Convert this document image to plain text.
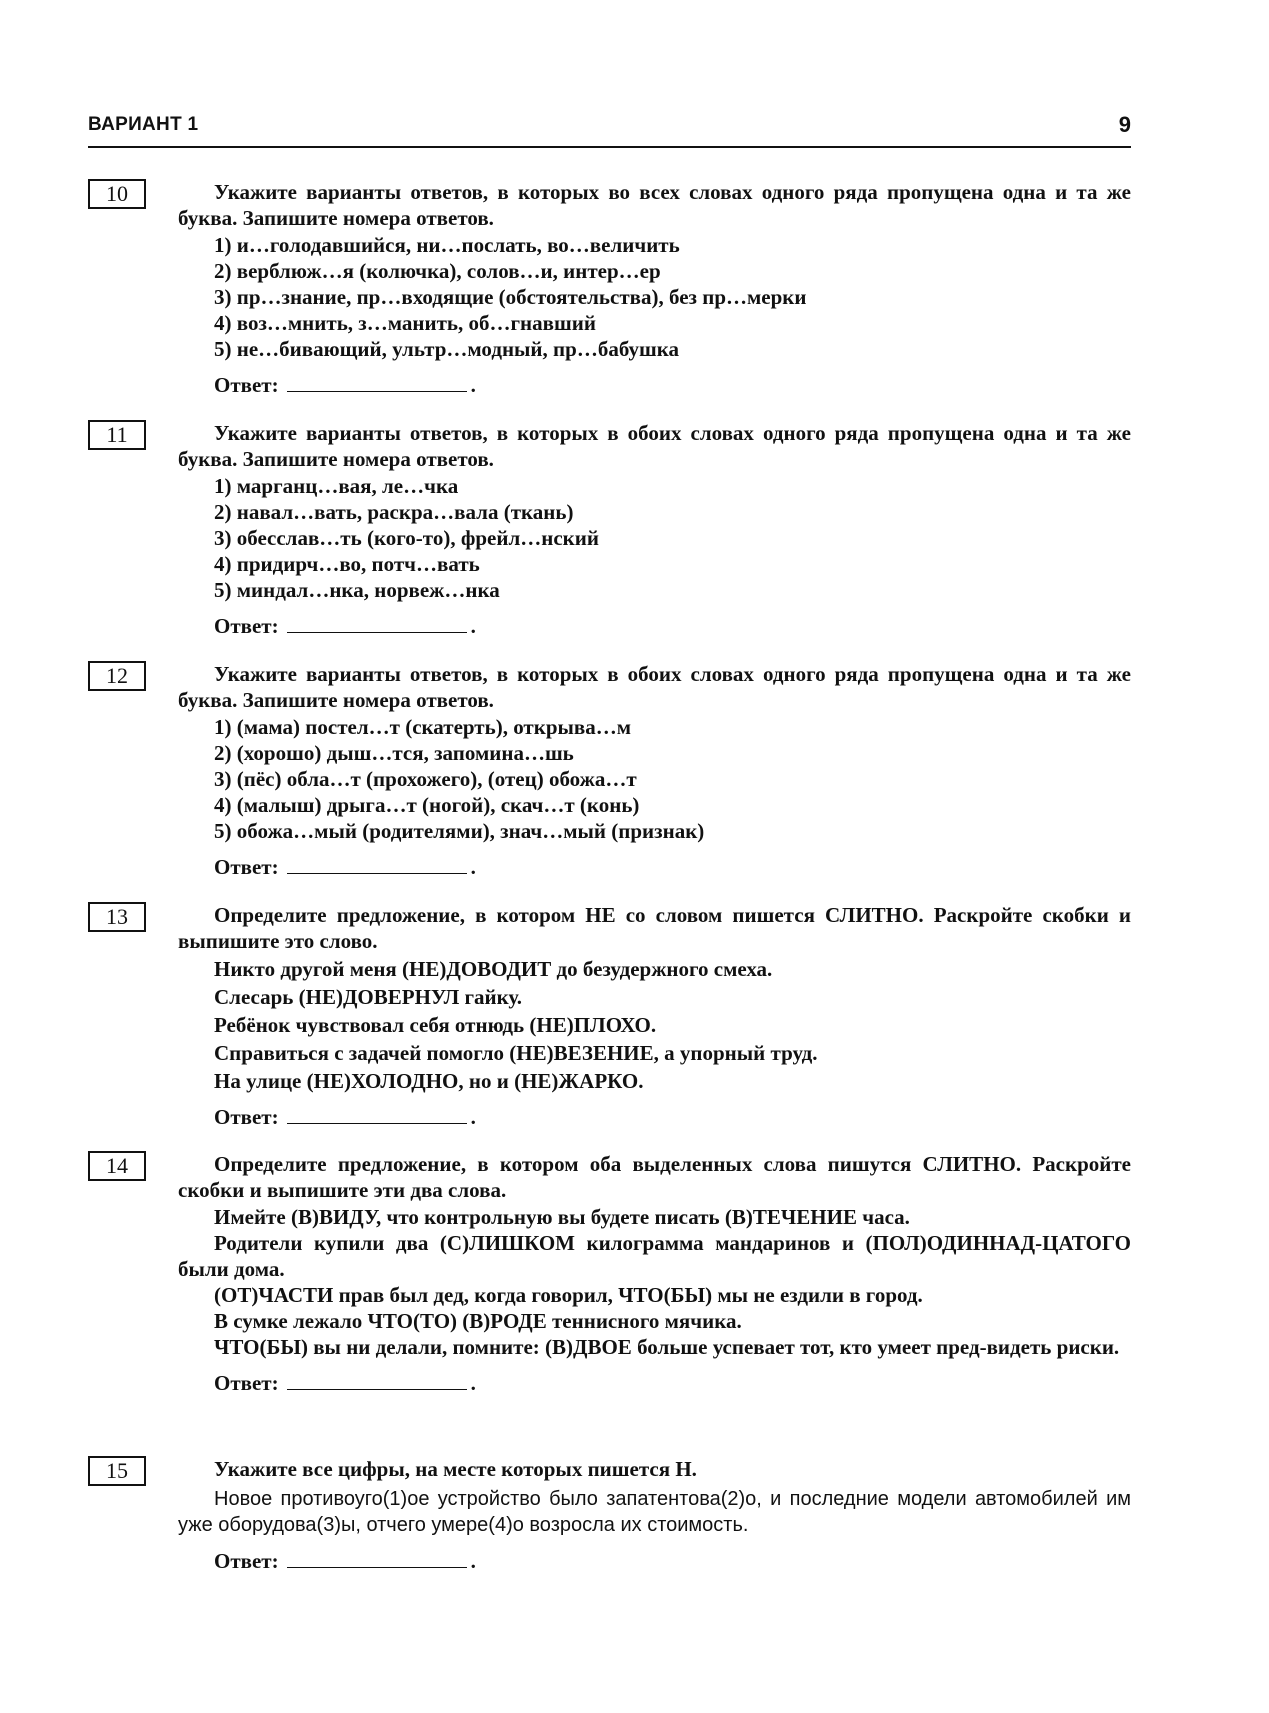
ВАРИАНТ 1	9
10	Укажите варианты ответов, в которых во всех словах одного ряда пропущена одна и та же буква. Запишите номера ответов.
1) и…голодавшийся, ни…послать, во…величить
2) верблюж…я (колючка), солов…и, интер…ер
3) пр…знание, пр…входящие (обстоятельства), без пр…мерки
4) воз…мнить, з…манить, об…гнавший
5) не…бивающий, ультр…модный, пр…бабушка
Ответ:	.
11	Укажите варианты ответов, в которых в обоих словах одного ряда пропущена одна и та же буква. Запишите номера ответов.
1) марганц…вая, ле…чка
2) навал…вать, раскра…вала (ткань)
3) обесслав…ть (кого-то), фрейл…нский
4) придирч…во, потч…вать
5) миндал…нка, норвеж…нка
Ответ:	.
12	Укажите варианты ответов, в которых в обоих словах одного ряда пропущена одна и та же буква. Запишите номера ответов.
1) (мама) постел…т (скатерть), открыва…м
2) (хорошо) дыш…тся, запомина…шь
3) (пёс) обла…т (прохожего), (отец) обожа…т
4) (малыш) дрыга…т (ногой), скач…т (конь)
5) обожа…мый (родителями), знач…мый (признак)
Ответ:	.
13	Определите предложение, в котором НЕ со словом пишется СЛИТНО. Раскройте скобки и выпишите это слово.
Никто другой меня (НЕ)ДОВОДИТ до безудержного смеха.
Слесарь (НЕ)ДОВЕРНУЛ гайку.
Ребёнок чувствовал себя отнюдь (НЕ)ПЛОХО.
Справиться с задачей помогло (НЕ)ВЕЗЕНИЕ, а упорный труд.
На улице (НЕ)ХОЛОДНО, но и (НЕ)ЖАРКО.
Ответ:	.
14	Определите предложение, в котором оба выделенных слова пишутся СЛИТНО. Раскройте скобки и выпишите эти два слова.
Имейте (В)ВИДУ, что контрольную вы будете писать (В)ТЕЧЕНИЕ часа.
Родители купили два (С)ЛИШКОМ килограмма мандаринов и (ПОЛ)ОДИННАД-ЦАТОГО были дома.
(ОТ)ЧАСТИ прав был дед, когда говорил, ЧТО(БЫ) мы не ездили в город.
В сумке лежало ЧТО(ТО) (В)РОДЕ теннисного мячика.
ЧТО(БЫ) вы ни делали, помните: (В)ДВОЕ больше успевает тот, кто умеет пред-видеть риски.
Ответ:	.
15	Укажите все цифры, на месте которых пишется Н.
Новое противоуго(1)ое устройство было запатентова(2)о, и последние модели автомобилей им уже оборудова(3)ы, отчего умере(4)о возросла их стоимость.
Ответ:	.
